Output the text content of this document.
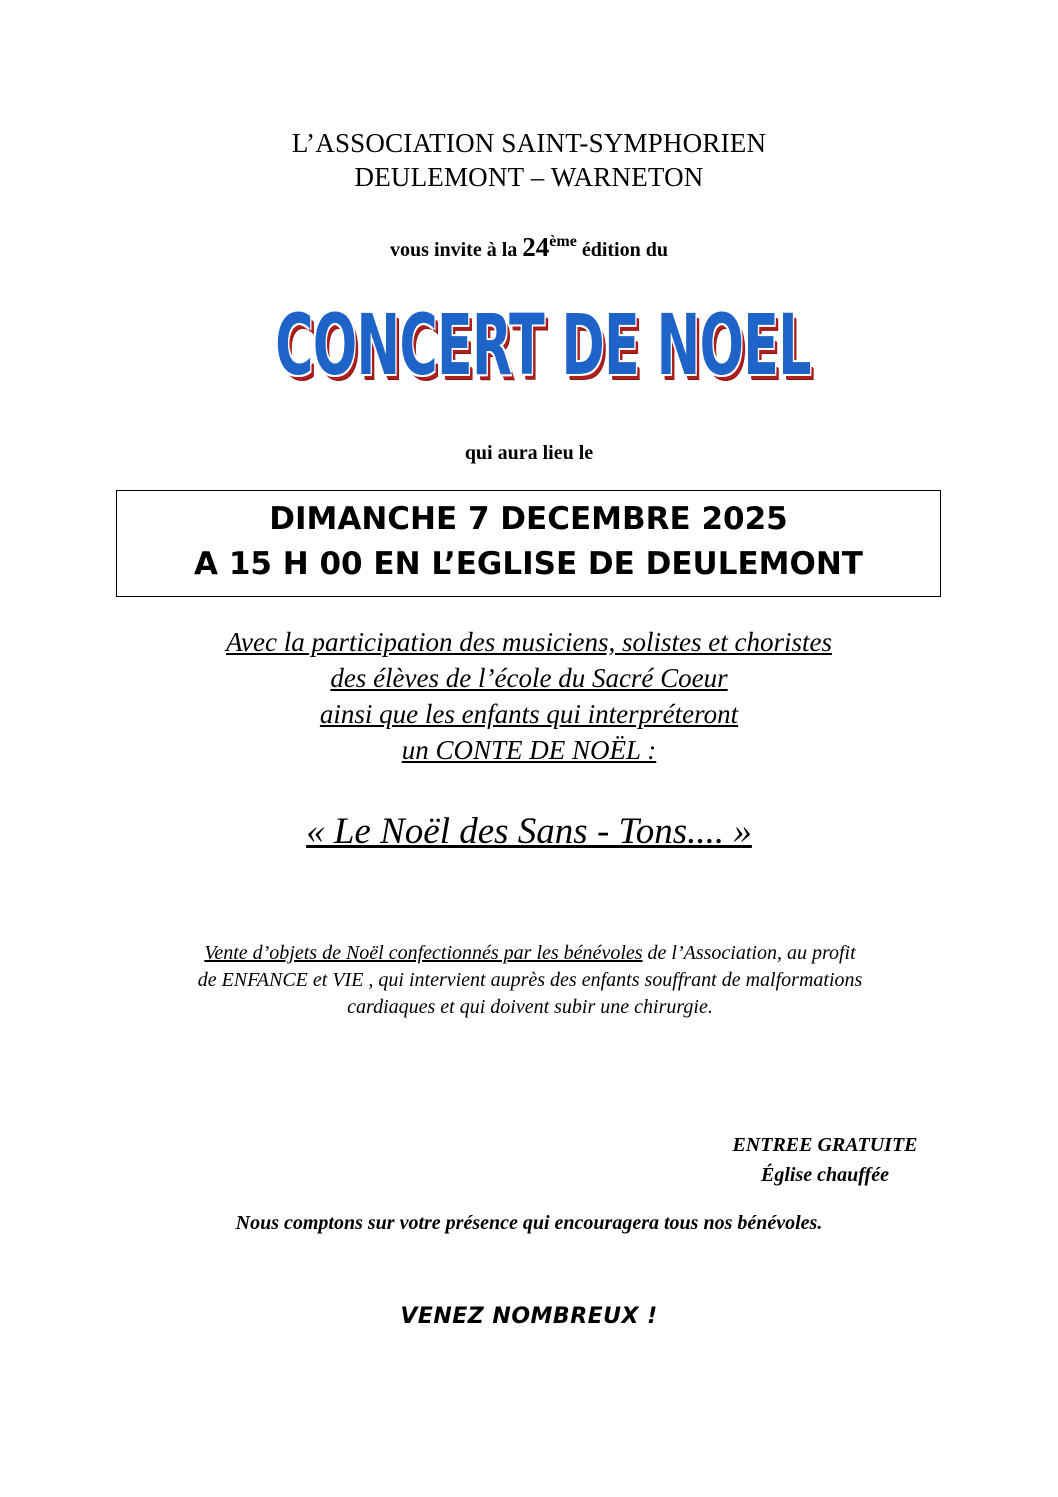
L’ASSOCIATION SAINT-SYMPHORIEN
DEULEMONT – WARNETON
vous invite à la 24ème édition du
CONCERT DE NOEL
qui aura lieu le
DIMANCHE 7 DECEMBRE 2025
A 15 H 00 EN L’EGLISE DE DEULEMONT
Avec la participation des musiciens, solistes et choristes
des élèves de l’école du Sacré Coeur
ainsi que les enfants qui interpréteront
un CONTE DE NOËL :
« Le Noël des Sans - Tons.... »
Vente d’objets de Noël confectionnés par les bénévoles de l’Association, au profit
de ENFANCE et VIE , qui intervient auprès des enfants souffrant de malformations
cardiaques et qui doivent subir une chirurgie.
ENTREE GRATUITE
Église chauffée
Nous comptons sur votre présence qui encouragera tous nos bénévoles.
VENEZ NOMBREUX !
